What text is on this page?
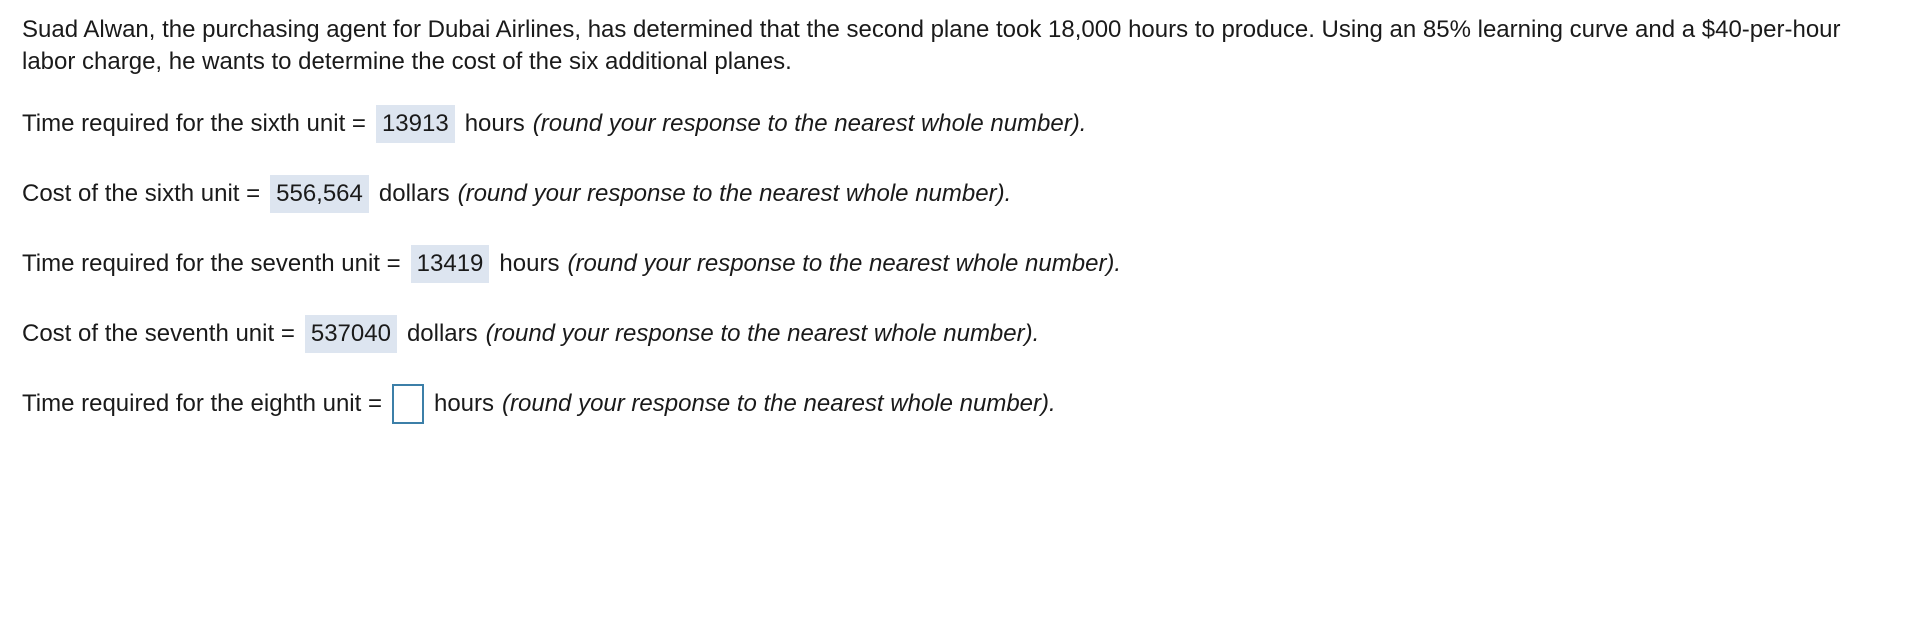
Suad Alwan, the purchasing agent for Dubai Airlines, has determined that the second plane took 18,000 hours to produce. Using an 85% learning curve and a $40-per-hour labor charge, he wants to determine the cost of the six additional planes.

Time required for the sixth unit = 13913 hours (round your response to the nearest whole number).
Cost of the sixth unit = 556,564 dollars (round your response to the nearest whole number).
Time required for the seventh unit = 13419 hours (round your response to the nearest whole number).
Cost of the seventh unit = 537040 dollars (round your response to the nearest whole number).
Time required for the eighth unit = hours (round your response to the nearest whole number).
